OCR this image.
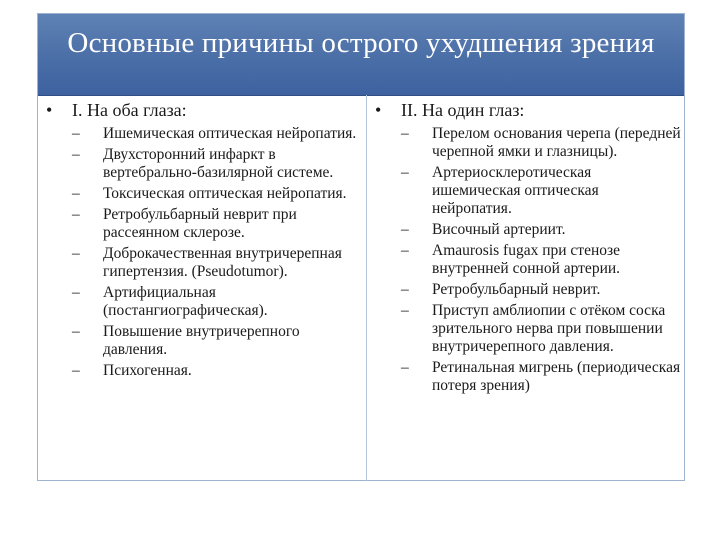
Основные причины острого ухудшения зрения
• I. На оба глаза:
– Ишемическая оптическая нейропатия.
– Двухсторонний инфаркт в вертебрально-базилярной системе.
– Токсическая оптическая нейропатия.
– Ретробульбарный неврит при рассеянном склерозе.
– Доброкачественная внутричерепная гипертензия. (Pseudotumor).
– Артифициальная (постангиографическая).
– Повышение внутричерепного давления.
– Психогенная.
• II. На один глаз:
– Перелом основания черепа (передней черепной ямки и глазницы).
– Артериосклеротическая ишемическая оптическая нейропатия.
– Височный артериит.
– Amaurosis fugax при стенозе внутренней сонной артерии.
– Ретробульбарный неврит.
– Приступ амблиопии с отёком соска зрительного нерва при повышении внутричерепного давления.
– Ретинальная мигрень (периодическая потеря зрения)
